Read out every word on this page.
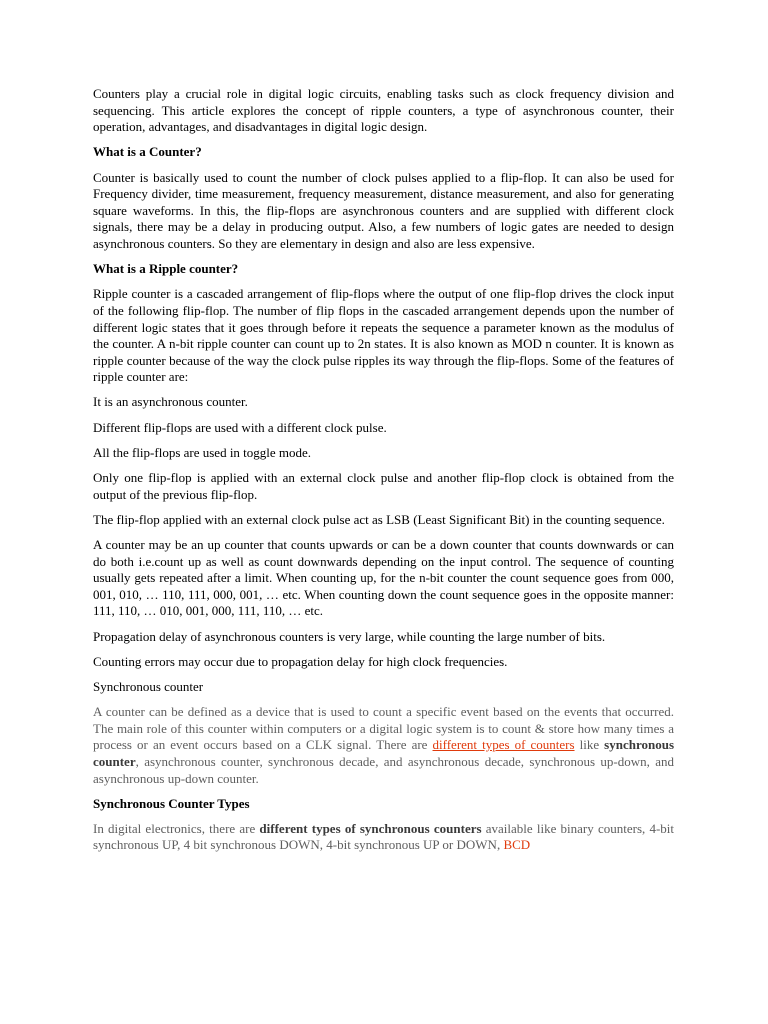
Counters play a crucial role in digital logic circuits, enabling tasks such as clock frequency division and sequencing. This article explores the concept of ripple counters, a type of asynchronous counter, their operation, advantages, and disadvantages in digital logic design.

What is a Counter?

Counter is basically used to count the number of clock pulses applied to a flip-flop. It can also be used for Frequency divider, time measurement, frequency measurement, distance measurement, and also for generating square waveforms. In this, the flip-flops are asynchronous counters and are supplied with different clock signals, there may be a delay in producing output. Also, a few numbers of logic gates are needed to design asynchronous counters. So they are elementary in design and also are less expensive.

What is a Ripple counter?

Ripple counter is a cascaded arrangement of flip-flops where the output of one flip-flop drives the clock input of the following flip-flop. The number of flip flops in the cascaded arrangement depends upon the number of different logic states that it goes through before it repeats the sequence a parameter known as the modulus of the counter. A n-bit ripple counter can count up to 2n states. It is also known as MOD n counter. It is known as ripple counter because of the way the clock pulse ripples its way through the flip-flops. Some of the features of ripple counter are:

It is an asynchronous counter.

Different flip-flops are used with a different clock pulse.

All the flip-flops are used in toggle mode.

Only one flip-flop is applied with an external clock pulse and another flip-flop clock is obtained from the output of the previous flip-flop.

The flip-flop applied with an external clock pulse act as LSB (Least Significant Bit) in the counting sequence.

A counter may be an up counter that counts upwards or can be a down counter that counts downwards or can do both i.e.count up as well as count downwards depending on the input control. The sequence of counting usually gets repeated after a limit. When counting up, for the n-bit counter the count sequence goes from 000, 001, 010, … 110, 111, 000, 001, … etc. When counting down the count sequence goes in the opposite manner: 111, 110, … 010, 001, 000, 111, 110, … etc.

Propagation delay of asynchronous counters is very large, while counting the large number of bits.

Counting errors may occur due to propagation delay for high clock frequencies.

Synchronous counter

A counter can be defined as a device that is used to count a specific event based on the events that occurred. The main role of this counter within computers or a digital logic system is to count & store how many times a process or an event occurs based on a CLK signal. There are different types of counters like synchronous counter, asynchronous counter, synchronous decade, and asynchronous decade, synchronous up-down, and asynchronous up-down counter.

Synchronous Counter Types

In digital electronics, there are different types of synchronous counters available like binary counters, 4-bit synchronous UP, 4 bit synchronous DOWN, 4-bit synchronous UP or DOWN, BCD
